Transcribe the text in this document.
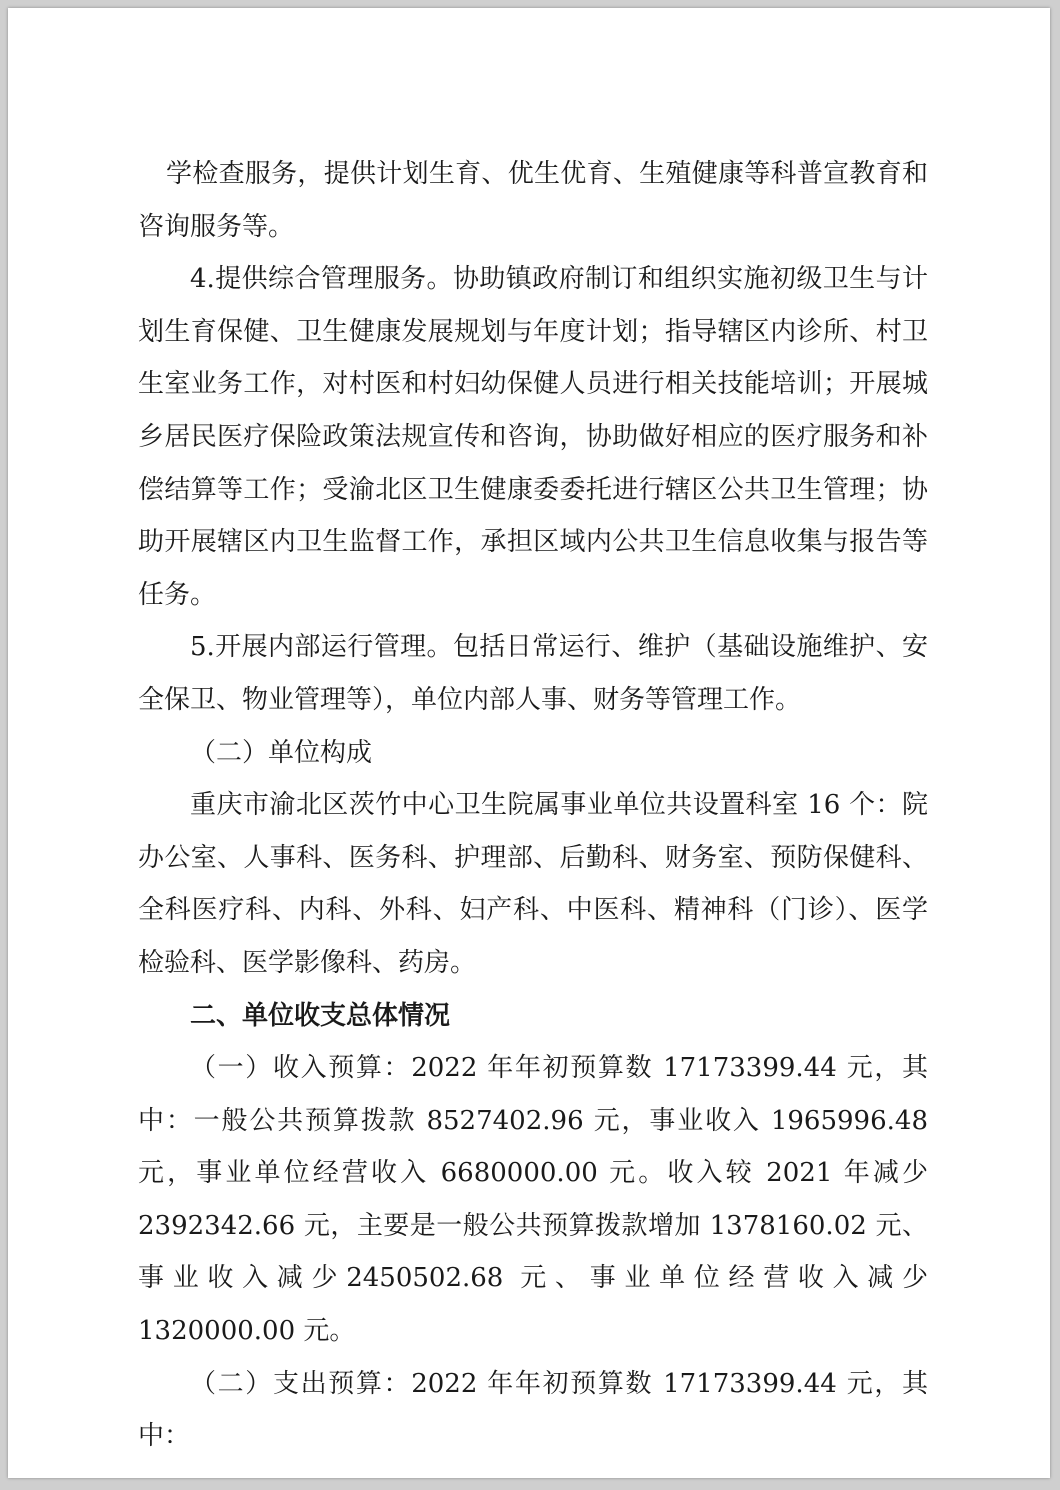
学检查服务，提供计划生育、优生优育、生殖健康等科普宣教育和咨询服务等。

4.提供综合管理服务。协助镇政府制订和组织实施初级卫生与计划生育保健、卫生健康发展规划与年度计划；指导辖区内诊所、村卫生室业务工作，对村医和村妇幼保健人员进行相关技能培训；开展城乡居民医疗保险政策法规宣传和咨询，协助做好相应的医疗服务和补偿结算等工作；受渝北区卫生健康委委托进行辖区公共卫生管理；协助开展辖区内卫生监督工作，承担区域内公共卫生信息收集与报告等任务。

5.开展内部运行管理。包括日常运行、维护（基础设施维护、安全保卫、物业管理等），单位内部人事、财务等管理工作。

（二）单位构成

重庆市渝北区茨竹中心卫生院属事业单位共设置科室 16 个：院办公室、人事科、医务科、护理部、后勤科、财务室、预防保健科、全科医疗科、内科、外科、妇产科、中医科、精神科（门诊）、医学检验科、医学影像科、药房。

二、单位收支总体情况

（一）收入预算：2022 年年初预算数 17173399.44 元，其中：一般公共预算拨款 8527402.96 元，事业收入 1965996.48 元，事业单位经营收入 6680000.00 元。收入较 2021 年减少 2392342.66 元，主要是一般公共预算拨款增加 1378160.02 元、事业收入减少2450502.68 元、事业单位经营收入减少 1320000.00 元。

（二）支出预算：2022 年年初预算数 17173399.44 元，其中：
